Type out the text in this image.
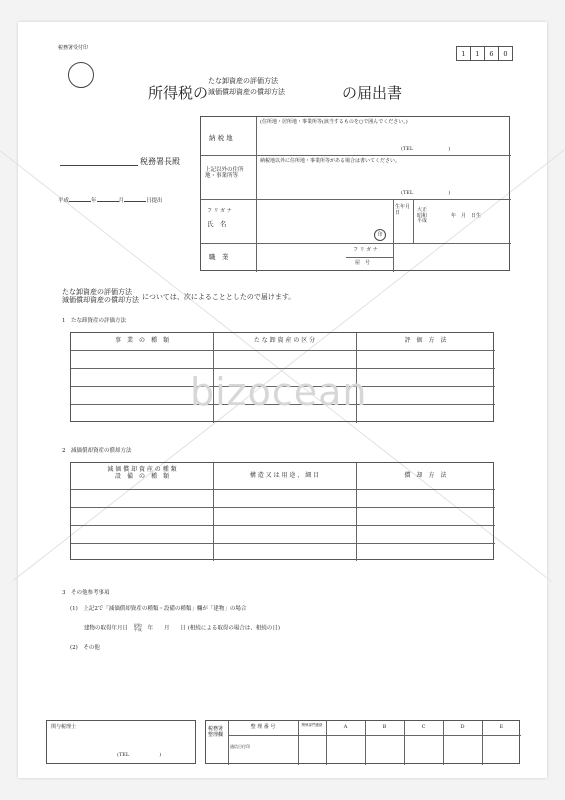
税務署受付印
1	1	6	0
所得税の
たな卸資産の評価方法
減価償却資産の償却方法	の届出書
税務署長殿
平成	年	月	日提出
納 税 地
(住所地・居所地・事業所等(該当するものを○で囲んでください。)
(TEL　　　　　　　)
上記以外の住所地・事業所等
納税地以外に住所地・事業所等がある場合は書いてください。
(TEL　　　　　　　)
フ リ ガ ナ
氏　名
印
生年月日	大正
昭和
平成
年　月　日生
職　業
フ リ ガ ナ
屋　号
たな卸資産の評価方法
減価償却資産の償却方法 については、次によることとしたので届けます。
1　たな卸資産の評価方法
事　業　の　種　類	た な 卸 資 産 の 区 分	評　価　方　法
bizocean
2　減価償却資産の償却方法
減 価 償 却 資 産 の 種 類
設　備　の　種　類	構 造 又 は 用 途 、 細 目	償　却　方　法
3　その他参考事項
(1)　 上記2で「減価償却資産の種類・設備の種類」欄が「建物」の場合
建物の取得年月日 昭和
平成 年　　月　　日 (相続による取得の場合は、相続の日)
(2)　 その他
関与税理士
(TEL　　　　　　)
税務署整理欄
整 理 番 号	関係部門連絡	A	B	C	D	E
通信日付印
